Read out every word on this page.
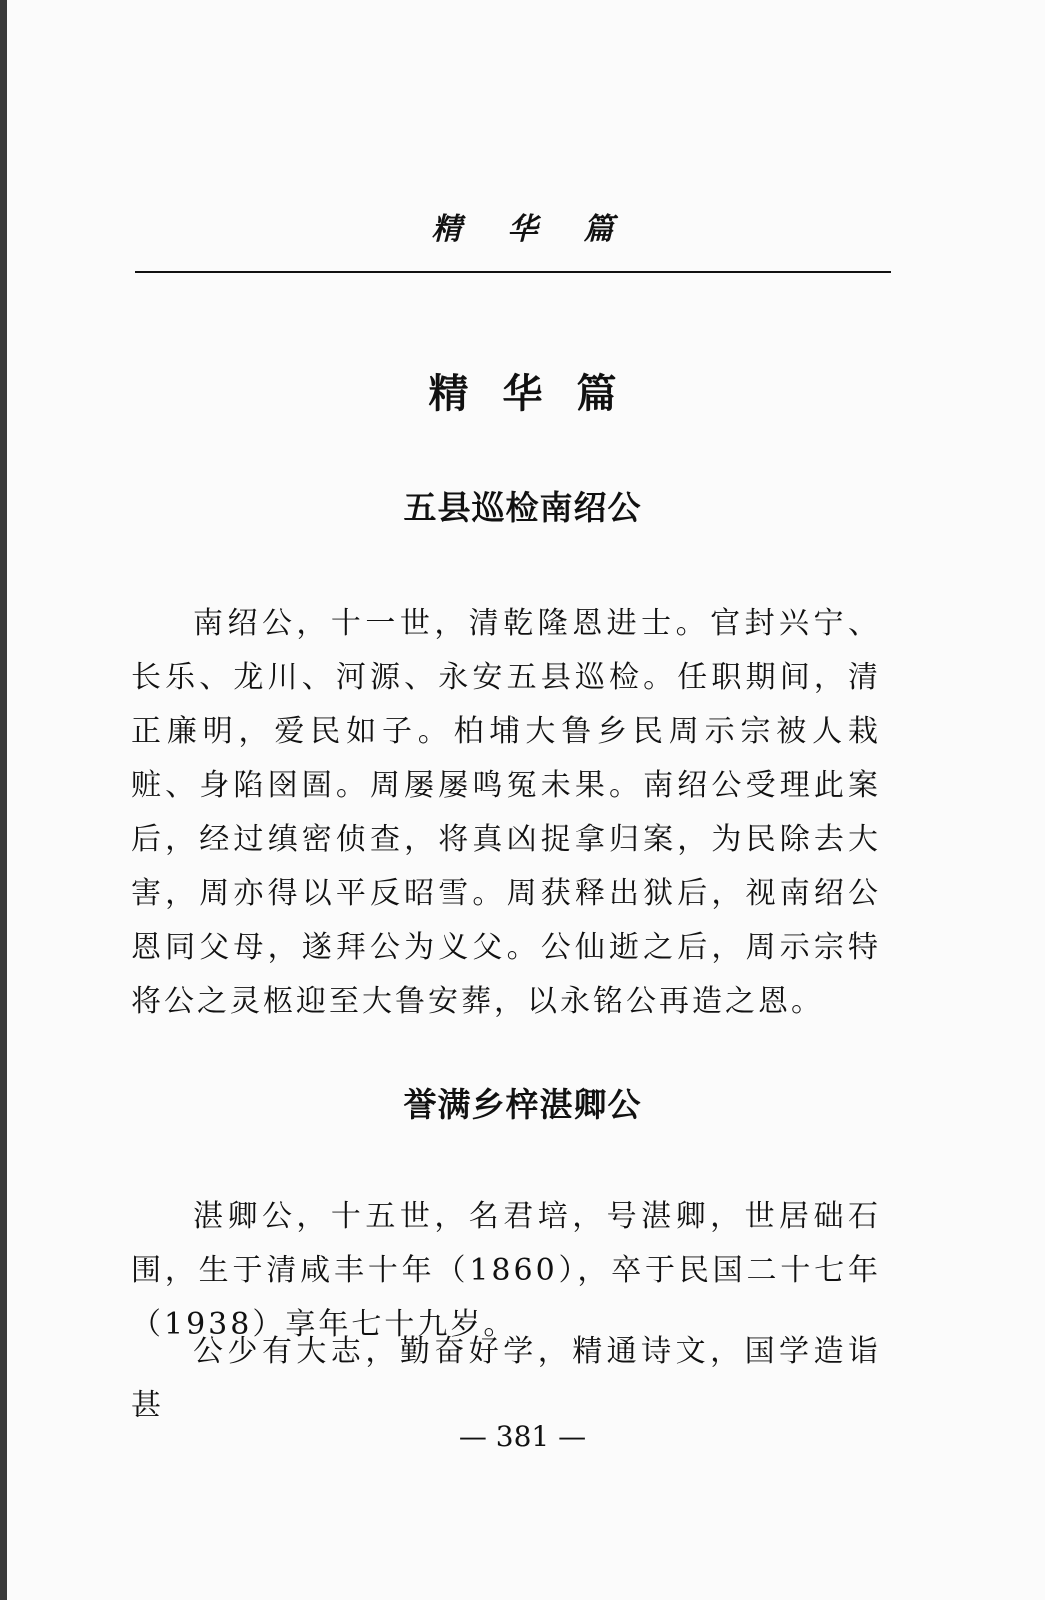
精华篇
精华篇
五县巡检南绍公

南绍公，十一世，清乾隆恩进士。官封兴宁、长乐、龙川、河源、永安五县巡检。任职期间，清正廉明，爱民如子。柏埔大鲁乡民周示宗被人栽赃、身陷囹圄。周屡屡鸣冤未果。南绍公受理此案后，经过缜密侦查，将真凶捉拿归案，为民除去大害，周亦得以平反昭雪。周获释出狱后，视南绍公恩同父母，遂拜公为义父。公仙逝之后，周示宗特将公之灵柩迎至大鲁安葬，以永铭公再造之恩。

誉满乡梓湛卿公

湛卿公，十五世，名君培，号湛卿，世居础石围，生于清咸丰十年（1860），卒于民国二十七年（1938）享年七十九岁。

公少有大志，勤奋好学，精通诗文，国学造诣甚

— 381 —
